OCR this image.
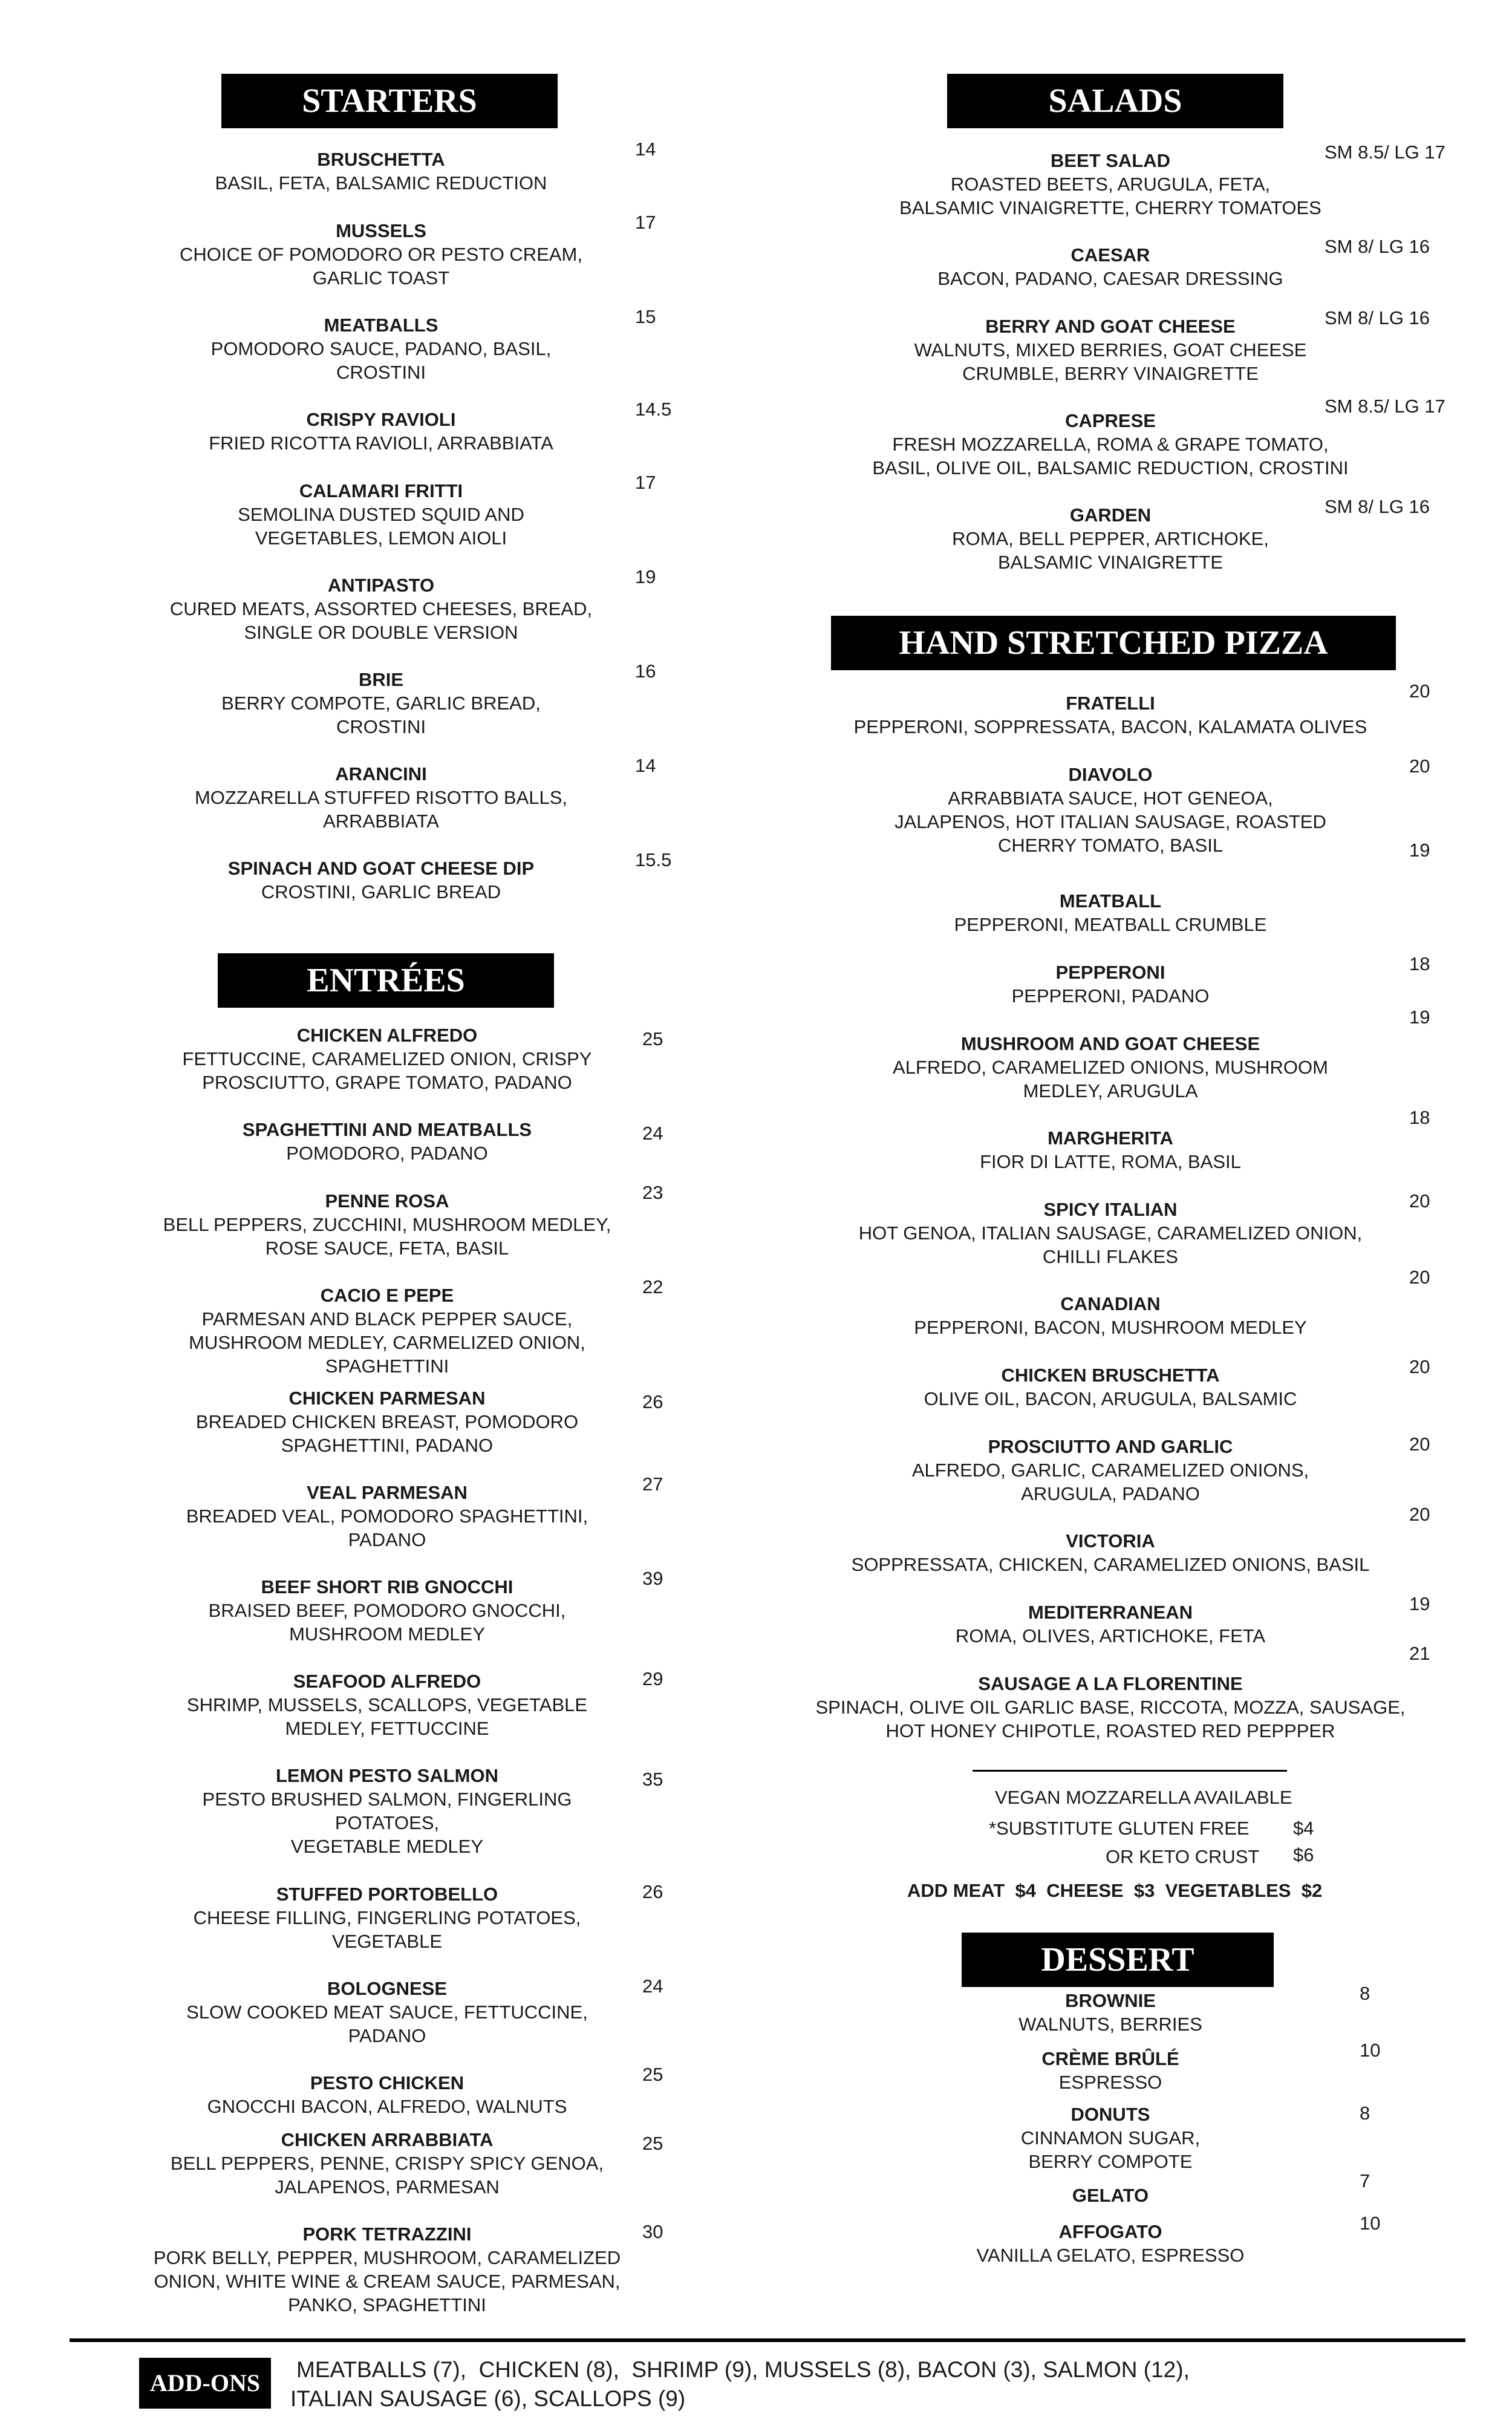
STARTERS
BRUSCHETTA
BASIL, FETA, BALSAMIC REDUCTION
14
MUSSELS
CHOICE OF POMODORO OR PESTO CREAM,
GARLIC TOAST
17
MEATBALLS
POMODORO SAUCE, PADANO, BASIL,
CROSTINI
15
CRISPY RAVIOLI
FRIED RICOTTA RAVIOLI, ARRABBIATA
14.5
CALAMARI FRITTI
SEMOLINA DUSTED SQUID AND
VEGETABLES, LEMON AIOLI
17
ANTIPASTO
CURED MEATS, ASSORTED CHEESES, BREAD,
SINGLE OR DOUBLE VERSION
19
BRIE
BERRY COMPOTE, GARLIC BREAD,
CROSTINI
16
ARANCINI
MOZZARELLA STUFFED RISOTTO BALLS,
ARRABBIATA
14
SPINACH AND GOAT CHEESE DIP
CROSTINI, GARLIC BREAD
15.5
ENTRÉES
CHICKEN ALFREDO
FETTUCCINE, CARAMELIZED ONION, CRISPY
PROSCIUTTO, GRAPE TOMATO, PADANO
25
SPAGHETTINI AND MEATBALLS
POMODORO, PADANO
24
PENNE ROSA
BELL PEPPERS, ZUCCHINI, MUSHROOM MEDLEY,
ROSE SAUCE, FETA, BASIL
23
CACIO E PEPE
PARMESAN AND BLACK PEPPER SAUCE,
MUSHROOM MEDLEY, CARMELIZED ONION,
SPAGHETTINI
22
CHICKEN PARMESAN
BREADED CHICKEN BREAST, POMODORO
SPAGHETTINI, PADANO
26
VEAL PARMESAN
BREADED VEAL, POMODORO SPAGHETTINI,
PADANO
27
BEEF SHORT RIB GNOCCHI
BRAISED BEEF, POMODORO GNOCCHI,
MUSHROOM MEDLEY
39
SEAFOOD ALFREDO
SHRIMP, MUSSELS, SCALLOPS, VEGETABLE
MEDLEY, FETTUCCINE
29
LEMON PESTO SALMON
PESTO BRUSHED SALMON, FINGERLING
POTATOES,
VEGETABLE MEDLEY
35
STUFFED PORTOBELLO
CHEESE FILLING, FINGERLING POTATOES,
VEGETABLE
26
BOLOGNESE
SLOW COOKED MEAT SAUCE, FETTUCCINE,
PADANO
24
PESTO CHICKEN
GNOCCHI BACON, ALFREDO, WALNUTS
25
CHICKEN ARRABBIATA
BELL PEPPERS, PENNE, CRISPY SPICY GENOA,
JALAPENOS, PARMESAN
25
PORK TETRAZZINI
PORK BELLY, PEPPER, MUSHROOM, CARAMELIZED
ONION, WHITE WINE & CREAM SAUCE, PARMESAN,
PANKO, SPAGHETTINI
30
SALADS
BEET SALAD
ROASTED BEETS, ARUGULA, FETA,
BALSAMIC VINAIGRETTE, CHERRY TOMATOES
SM 8.5/ LG 17
CAESAR
BACON, PADANO, CAESAR DRESSING
SM 8/ LG 16
BERRY AND GOAT CHEESE
WALNUTS, MIXED BERRIES, GOAT CHEESE
CRUMBLE, BERRY VINAIGRETTE
SM 8/ LG 16
CAPRESE
FRESH MOZZARELLA, ROMA & GRAPE TOMATO,
BASIL, OLIVE OIL, BALSAMIC REDUCTION, CROSTINI
SM 8.5/ LG 17
GARDEN
ROMA, BELL PEPPER, ARTICHOKE,
BALSAMIC VINAIGRETTE
SM 8/ LG 16
HAND STRETCHED PIZZA
FRATELLI
PEPPERONI, SOPPRESSATA, BACON, KALAMATA OLIVES
20
DIAVOLO
ARRABBIATA SAUCE, HOT GENEOA,
JALAPENOS, HOT ITALIAN SAUSAGE, ROASTED
CHERRY TOMATO, BASIL
20
MEATBALL
PEPPERONI, MEATBALL CRUMBLE
19
PEPPERONI
PEPPERONI, PADANO
18
MUSHROOM AND GOAT CHEESE
ALFREDO, CARAMELIZED ONIONS, MUSHROOM
MEDLEY, ARUGULA
19
MARGHERITA
FIOR DI LATTE, ROMA, BASIL
18
SPICY ITALIAN
HOT GENOA, ITALIAN SAUSAGE, CARAMELIZED ONION,
CHILLI FLAKES
20
CANADIAN
PEPPERONI, BACON, MUSHROOM MEDLEY
20
CHICKEN BRUSCHETTA
OLIVE OIL, BACON, ARUGULA, BALSAMIC
20
PROSCIUTTO AND GARLIC
ALFREDO, GARLIC, CARAMELIZED ONIONS,
ARUGULA, PADANO
20
VICTORIA
SOPPRESSATA, CHICKEN, CARAMELIZED ONIONS, BASIL
20
MEDITERRANEAN
ROMA, OLIVES, ARTICHOKE, FETA
19
SAUSAGE A LA FLORENTINE
SPINACH, OLIVE OIL GARLIC BASE, RICCOTA, MOZZA, SAUSAGE,
HOT HONEY CHIPOTLE, ROASTED RED PEPPPER
21
VEGAN MOZZARELLA AVAILABLE
*SUBSTITUTE GLUTEN FREE $4
OR KETO CRUST $6
ADD MEAT  $4  CHEESE  $3  VEGETABLES  $2
DESSERT
BROWNIE
WALNUTS, BERRIES
8
CRÈME BRÛLÉ
ESPRESSO
10
DONUTS
CINNAMON SUGAR,
BERRY COMPOTE
8
GELATO
7
AFFOGATO
VANILLA GELATO, ESPRESSO
10
ADD-ONS	MEATBALLS (7),  CHICKEN (8),  SHRIMP (9), MUSSELS (8), BACON (3), SALMON (12),
ITALIAN SAUSAGE (6), SCALLOPS (9)
